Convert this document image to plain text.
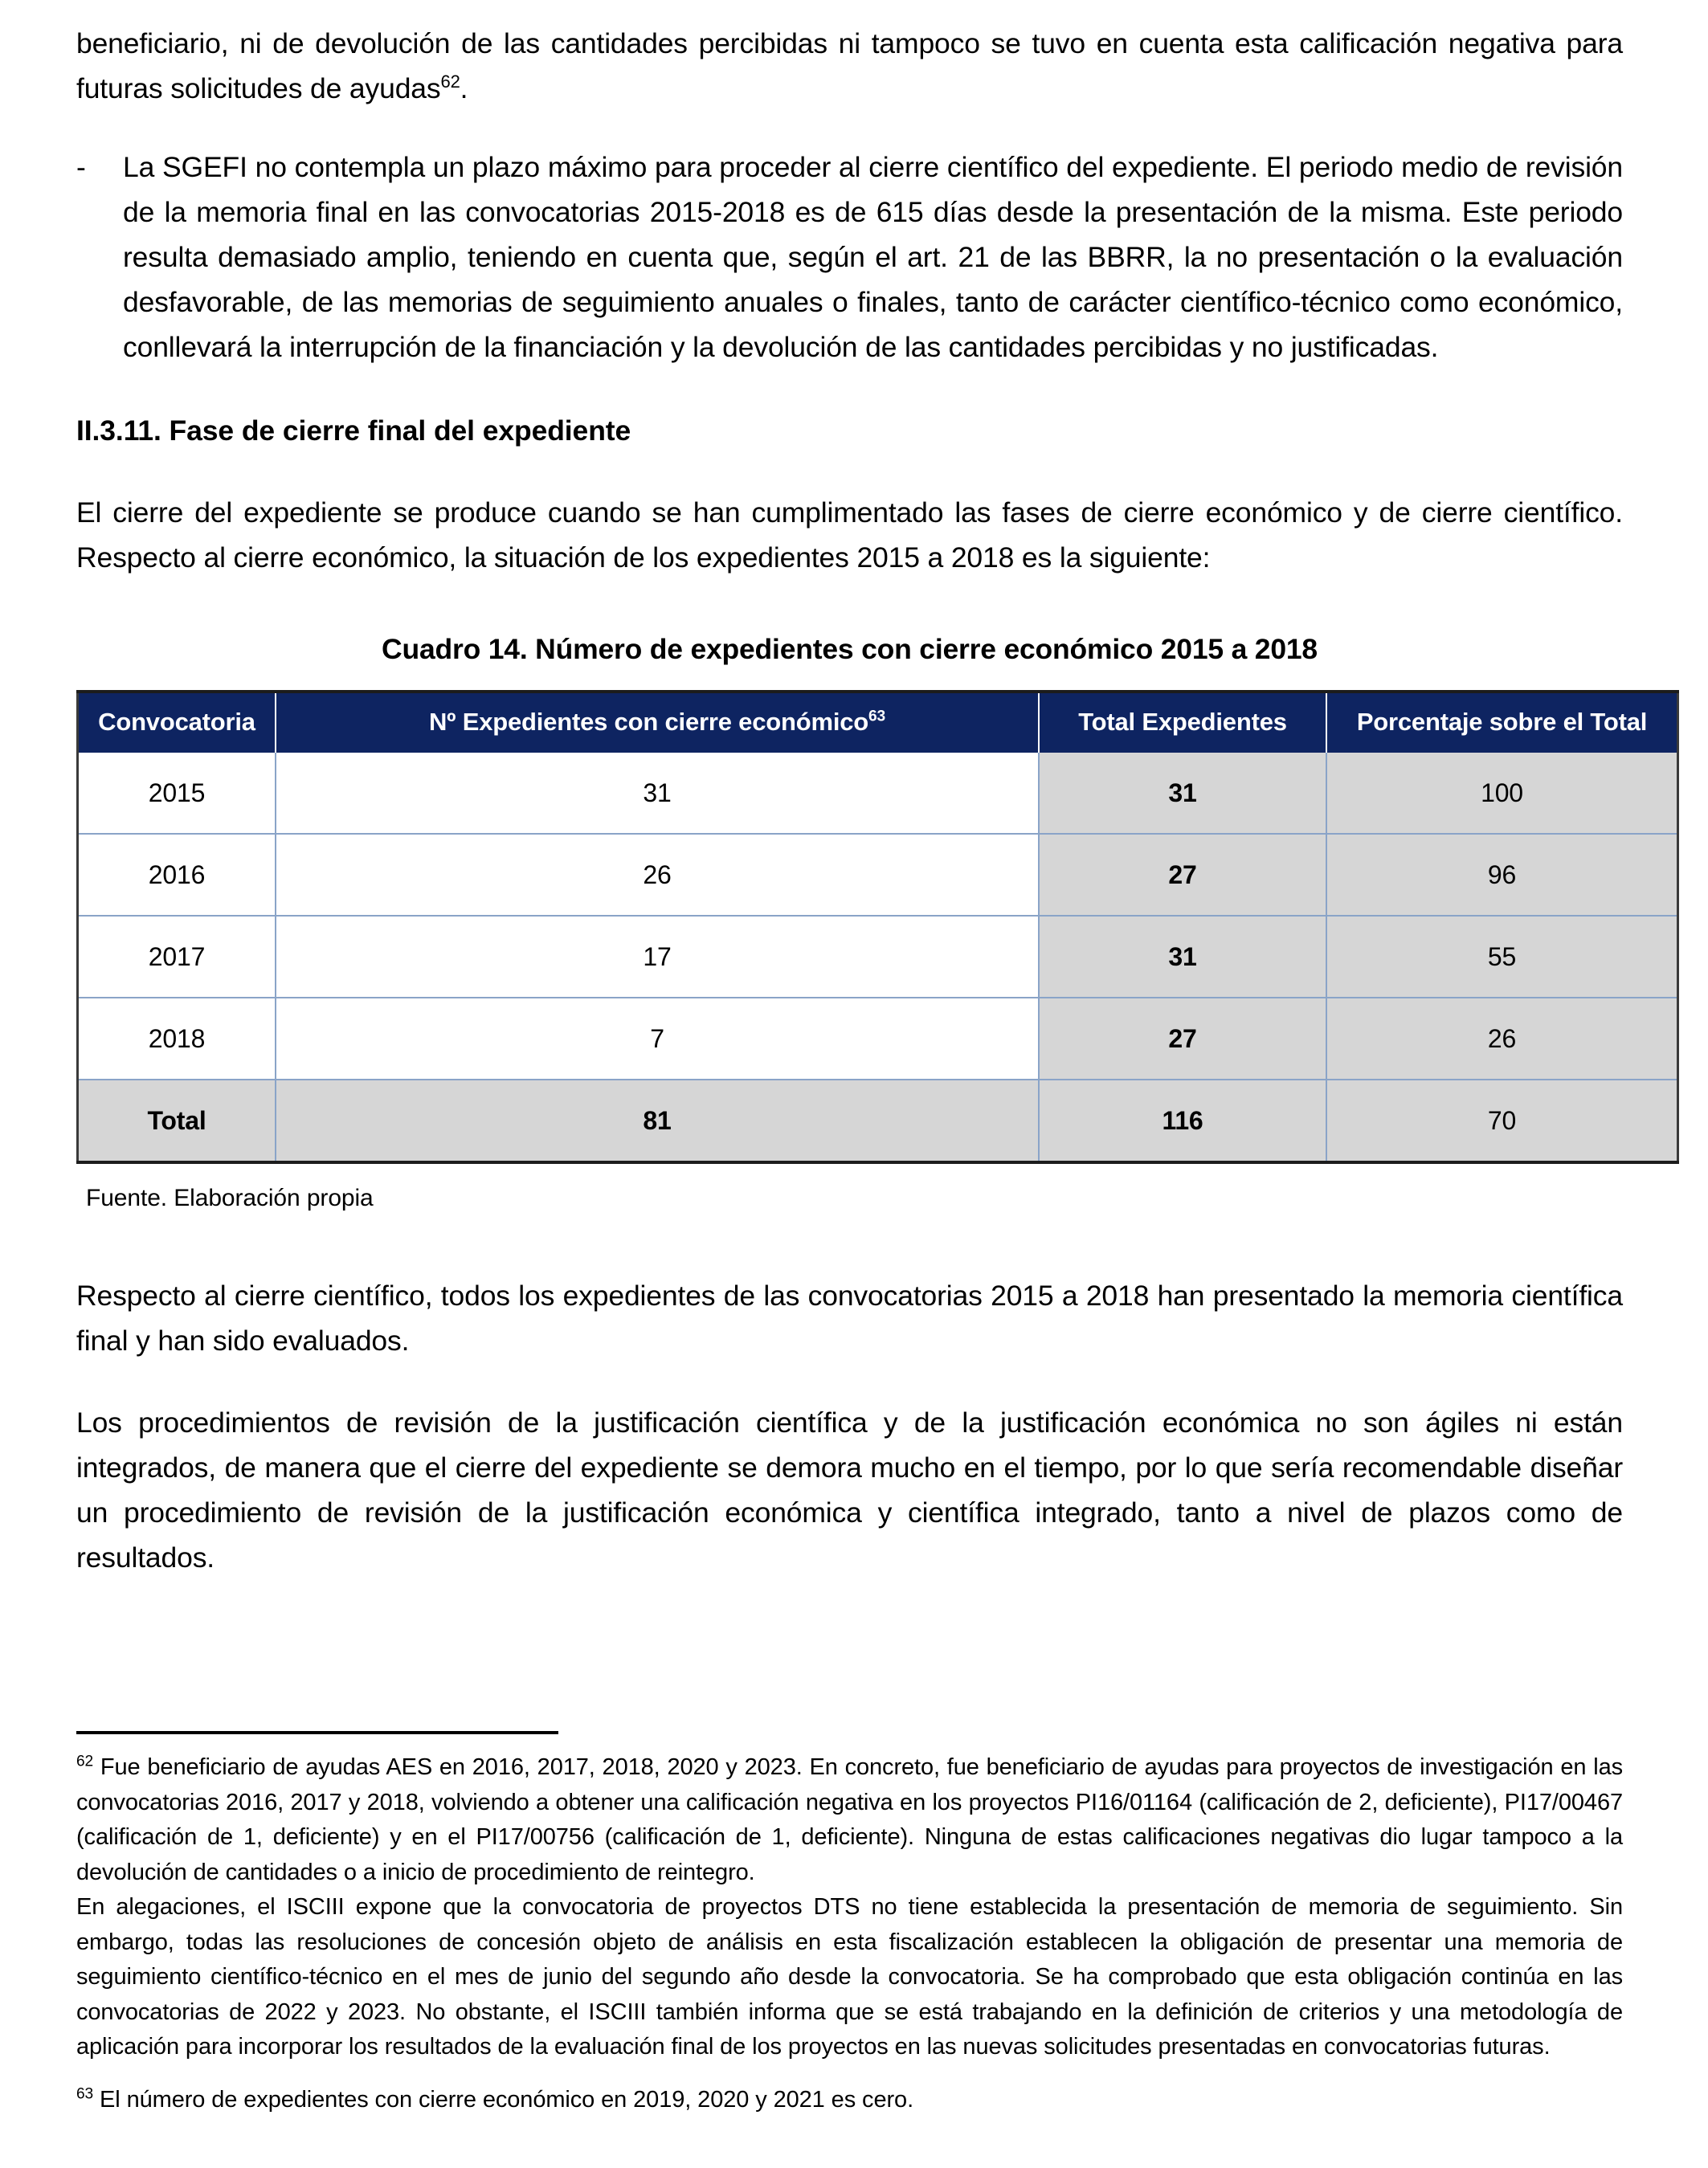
beneficiario, ni de devolución de las cantidades percibidas ni tampoco se tuvo en cuenta esta calificación negativa para futuras solicitudes de ayudas$^{62}$.

-	La SGEFI no contempla un plazo máximo para proceder al cierre científico del expediente. El periodo medio de revisión de la memoria final en las convocatorias 2015-2018 es de 615 días desde la presentación de la misma. Este periodo resulta demasiado amplio, teniendo en cuenta que, según el art. 21 de las BBRR, la no presentación o la evaluación desfavorable, de las memorias de seguimiento anuales o finales, tanto de carácter científico-técnico como económico, conllevará la interrupción de la financiación y la devolución de las cantidades percibidas y no justificadas.
II.3.11. Fase de cierre final del expediente

El cierre del expediente se produce cuando se han cumplimentado las fases de cierre económico y de cierre científico. Respecto al cierre económico, la situación de los expedientes 2015 a 2018 es la siguiente:

Cuadro 14. Número de expedientes con cierre económico 2015 a 2018
Convocatoria	Nº Expedientes con cierre económico$^{63}$	Total Expedientes	Porcentaje sobre el Total
2015	31	31	100
2016	26	27	96
2017	17	31	55
2018	7	27	26
Total	81	116	70
Fuente. Elaboración propia

Respecto al cierre científico, todos los expedientes de las convocatorias 2015 a 2018 han presentado la memoria científica final y han sido evaluados.

Los procedimientos de revisión de la justificación científica y de la justificación económica no son ágiles ni están integrados, de manera que el cierre del expediente se demora mucho en el tiempo, por lo que sería recomendable diseñar un procedimiento de revisión de la justificación económica y científica integrado, tanto a nivel de plazos como de resultados.

$^{62}$ Fue beneficiario de ayudas AES en 2016, 2017, 2018, 2020 y 2023. En concreto, fue beneficiario de ayudas para proyectos de investigación en las convocatorias 2016, 2017 y 2018, volviendo a obtener una calificación negativa en los proyectos PI16/01164 (calificación de 2, deficiente), PI17/00467 (calificación de 1, deficiente) y en el PI17/00756 (calificación de 1, deficiente). Ninguna de estas calificaciones negativas dio lugar tampoco a la devolución de cantidades o a inicio de procedimiento de reintegro.

En alegaciones, el ISCIII expone que la convocatoria de proyectos DTS no tiene establecida la presentación de memoria de seguimiento. Sin embargo, todas las resoluciones de concesión objeto de análisis en esta fiscalización establecen la obligación de presentar una memoria de seguimiento científico-técnico en el mes de junio del segundo año desde la convocatoria. Se ha comprobado que esta obligación continúa en las convocatorias de 2022 y 2023. No obstante, el ISCIII también informa que se está trabajando en la definición de criterios y una metodología de aplicación para incorporar los resultados de la evaluación final de los proyectos en las nuevas solicitudes presentadas en convocatorias futuras.

$^{63}$ El número de expedientes con cierre económico en 2019, 2020 y 2021 es cero.
